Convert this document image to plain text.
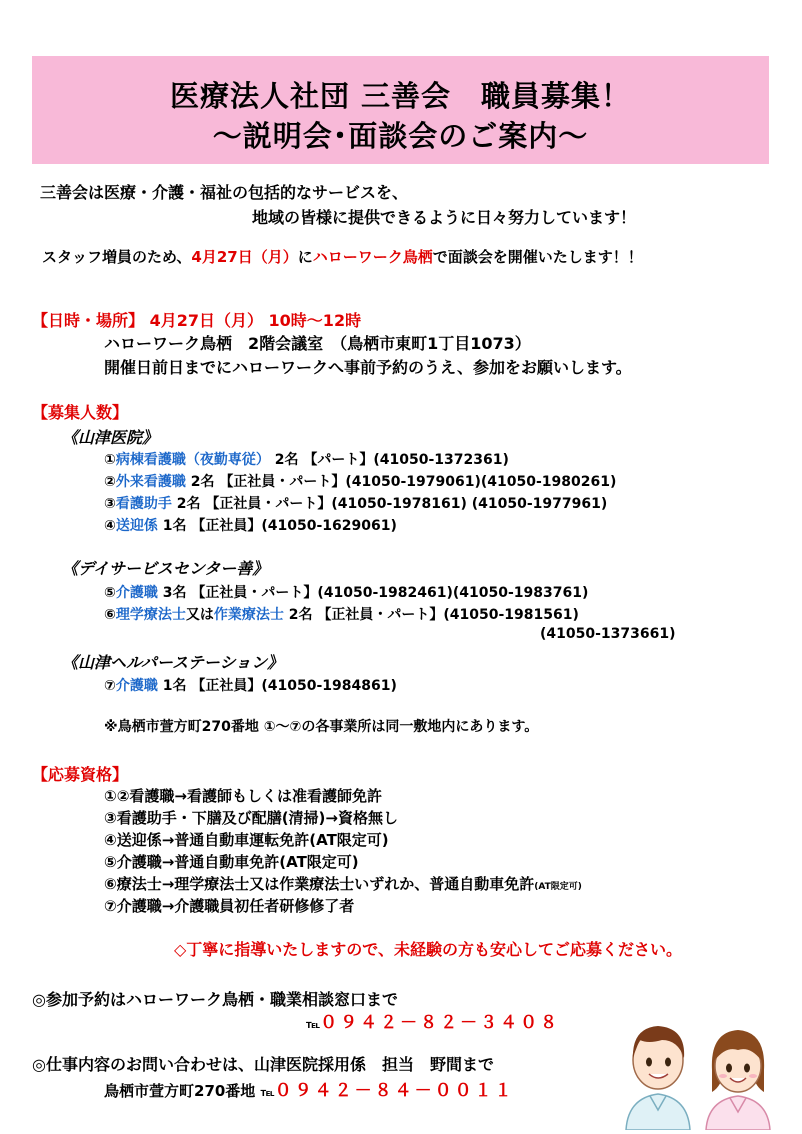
医療法人社団 三善会　職員募集！
～説明会･面談会のご案内～
三善会は医療・介護・福祉の包括的なサービスを、
地域の皆様に提供できるように日々努力しています！
スタッフ増員のため、4月27日（月）にハローワーク鳥栖で面談会を開催いたします！！
【日時・場所】 4月27日（月） 10時～12時
ハローワーク鳥栖　2階会議室　（鳥栖市東町1丁目1073）
開催日前日までにハローワークへ事前予約のうえ、参加をお願いします。
【募集人数】
《山津医院》
①病棟看護職（夜勤専従） 2名 【パート】(41050-1372361)
②外来看護職 2名 【正社員・パート】(41050-1979061)(41050-1980261)
③看護助手 2名 【正社員・パート】(41050-1978161) (41050-1977961)
④送迎係 1名 【正社員】(41050-1629061)
《デイサービスセンター善》
⑤介護職 3名 【正社員・パート】(41050-1982461)(41050-1983761)
⑥理学療法士又は作業療法士 2名 【正社員・パート】(41050-1981561)
(41050-1373661)
《山津ヘルパーステーション》
⑦介護職 1名 【正社員】(41050-1984861)
※鳥栖市萱方町270番地 ①～⑦の各事業所は同一敷地内にあります。
【応募資格】
①②看護職→看護師もしくは准看護師免許
③看護助手・下膳及び配膳(清掃)→資格無し
④送迎係→普通自動車運転免許(AT限定可)
⑤介護職→普通自動車免許(AT限定可)
⑥療法士→理学療法士又は作業療法士いずれか、普通自動車免許(AT限定可)
⑦介護職→介護職員初任者研修修了者
◇丁寧に指導いたしますので、未経験の方も安心してご応募ください。
◎参加予約はハローワーク鳥栖・職業相談窓口まで
℡０９４２－８２－３４０８
◎仕事内容のお問い合わせは、山津医院採用係　担当　野間まで
鳥栖市萱方町270番地 ℡０９４２－８４－００１１
